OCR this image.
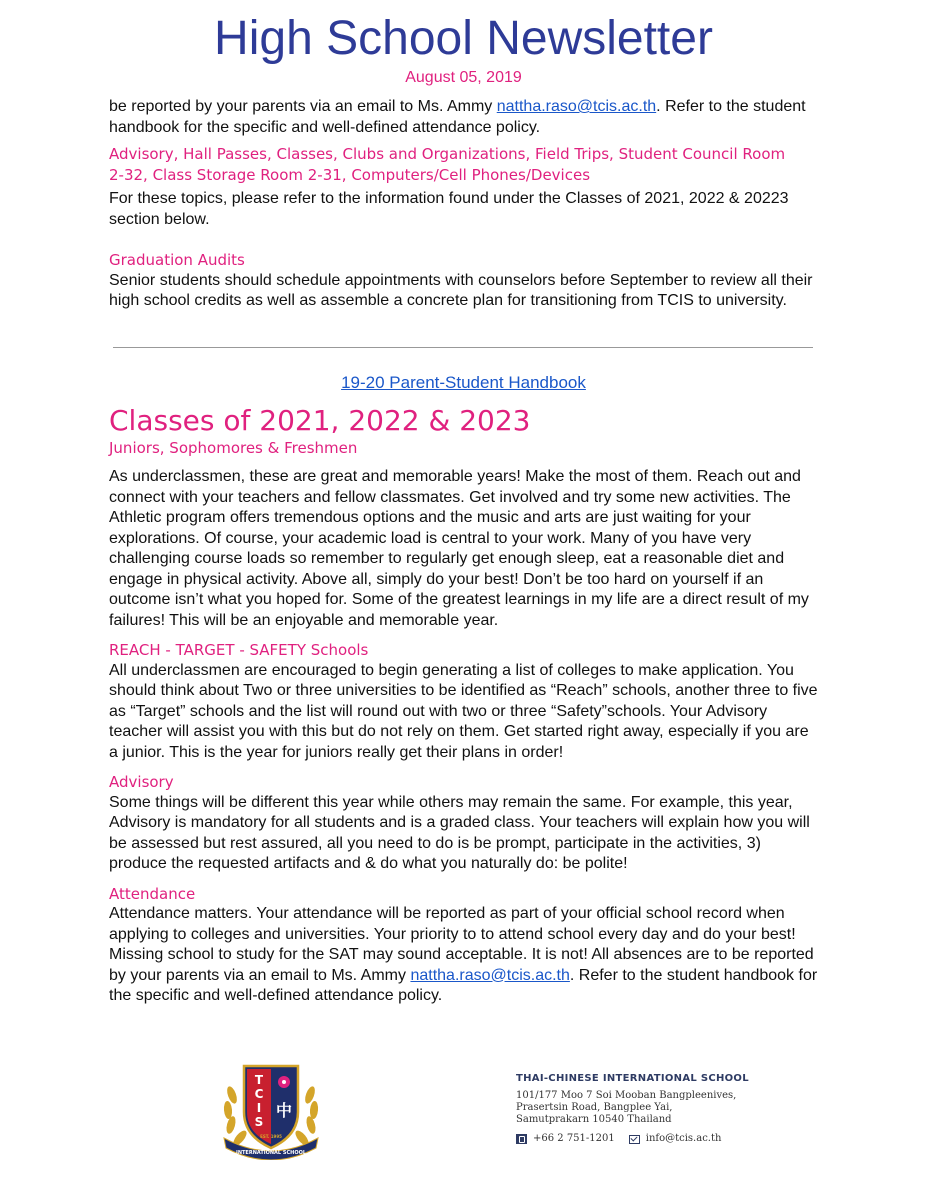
High School Newsletter
August 05, 2019

be reported by your parents via an email to Ms. Ammy nattha.raso@tcis.ac.th. Refer to the student handbook for the specific and well-defined attendance policy.

Advisory, Hall Passes, Classes, Clubs and Organizations, Field Trips, Student Council Room 2-32, Class Storage Room 2-31, Computers/Cell Phones/Devices

For these topics, please refer to the information found under the Classes of 2021, 2022 & 20223 section below.

Graduation Audits

Senior students should schedule appointments with counselors before September to review all their high school credits as well as assemble a concrete plan for transitioning from TCIS to university.

19-20 Parent-Student Handbook

Classes of 2021, 2022 & 2023

Juniors, Sophomores & Freshmen

As underclassmen, these are great and memorable years! Make the most of them. Reach out and connect with your teachers and fellow classmates. Get involved and try some new activities. The Athletic program offers tremendous options and the music and arts are just waiting for your explorations. Of course, your academic load is central to your work. Many of you have very challenging course loads so remember to regularly get enough sleep, eat a reasonable diet and engage in physical activity. Above all, simply do your best! Don’t be too hard on yourself if an outcome isn’t what you hoped for. Some of the greatest learnings in my life are a direct result of my failures! This will be an enjoyable and memorable year.

REACH - TARGET - SAFETY Schools

All underclassmen are encouraged to begin generating a list of colleges to make application. You should think about Two or three universities to be identified as “Reach” schools, another three to five as “Target” schools and the list will round out with two or three “Safety”schools. Your Advisory teacher will assist you with this but do not rely on them. Get started right away, especially if you are a junior. This is the year for juniors really get their plans in order!

Advisory

Some things will be different this year while others may remain the same. For example, this year, Advisory is mandatory for all students and is a graded class. Your teachers will explain how you will be assessed but rest assured, all you need to do is be prompt, participate in the activities, 3) produce the requested artifacts and & do what you naturally do: be polite!

Attendance

Attendance matters. Your attendance will be reported as part of your official school record when applying to colleges and universities. Your priority to to attend school every day and do your best! Missing school to study for the SAT may sound acceptable. It is not! All absences are to be reported by your parents via an email to Ms. Ammy nattha.raso@tcis.ac.th. Refer to the student handbook for the specific and well-defined attendance policy.

T
C
I
S
中
EST. 1995
INTERNATIONAL SCHOOL
THAI-CHINESE INTERNATIONAL SCHOOL
101/177 Moo 7 Soi Mooban Bangpleenives,
Prasertsin Road, Bangplee Yai,
Samutprakarn 10540 Thailand
+66 2 751-1201	info@tcis.ac.th
